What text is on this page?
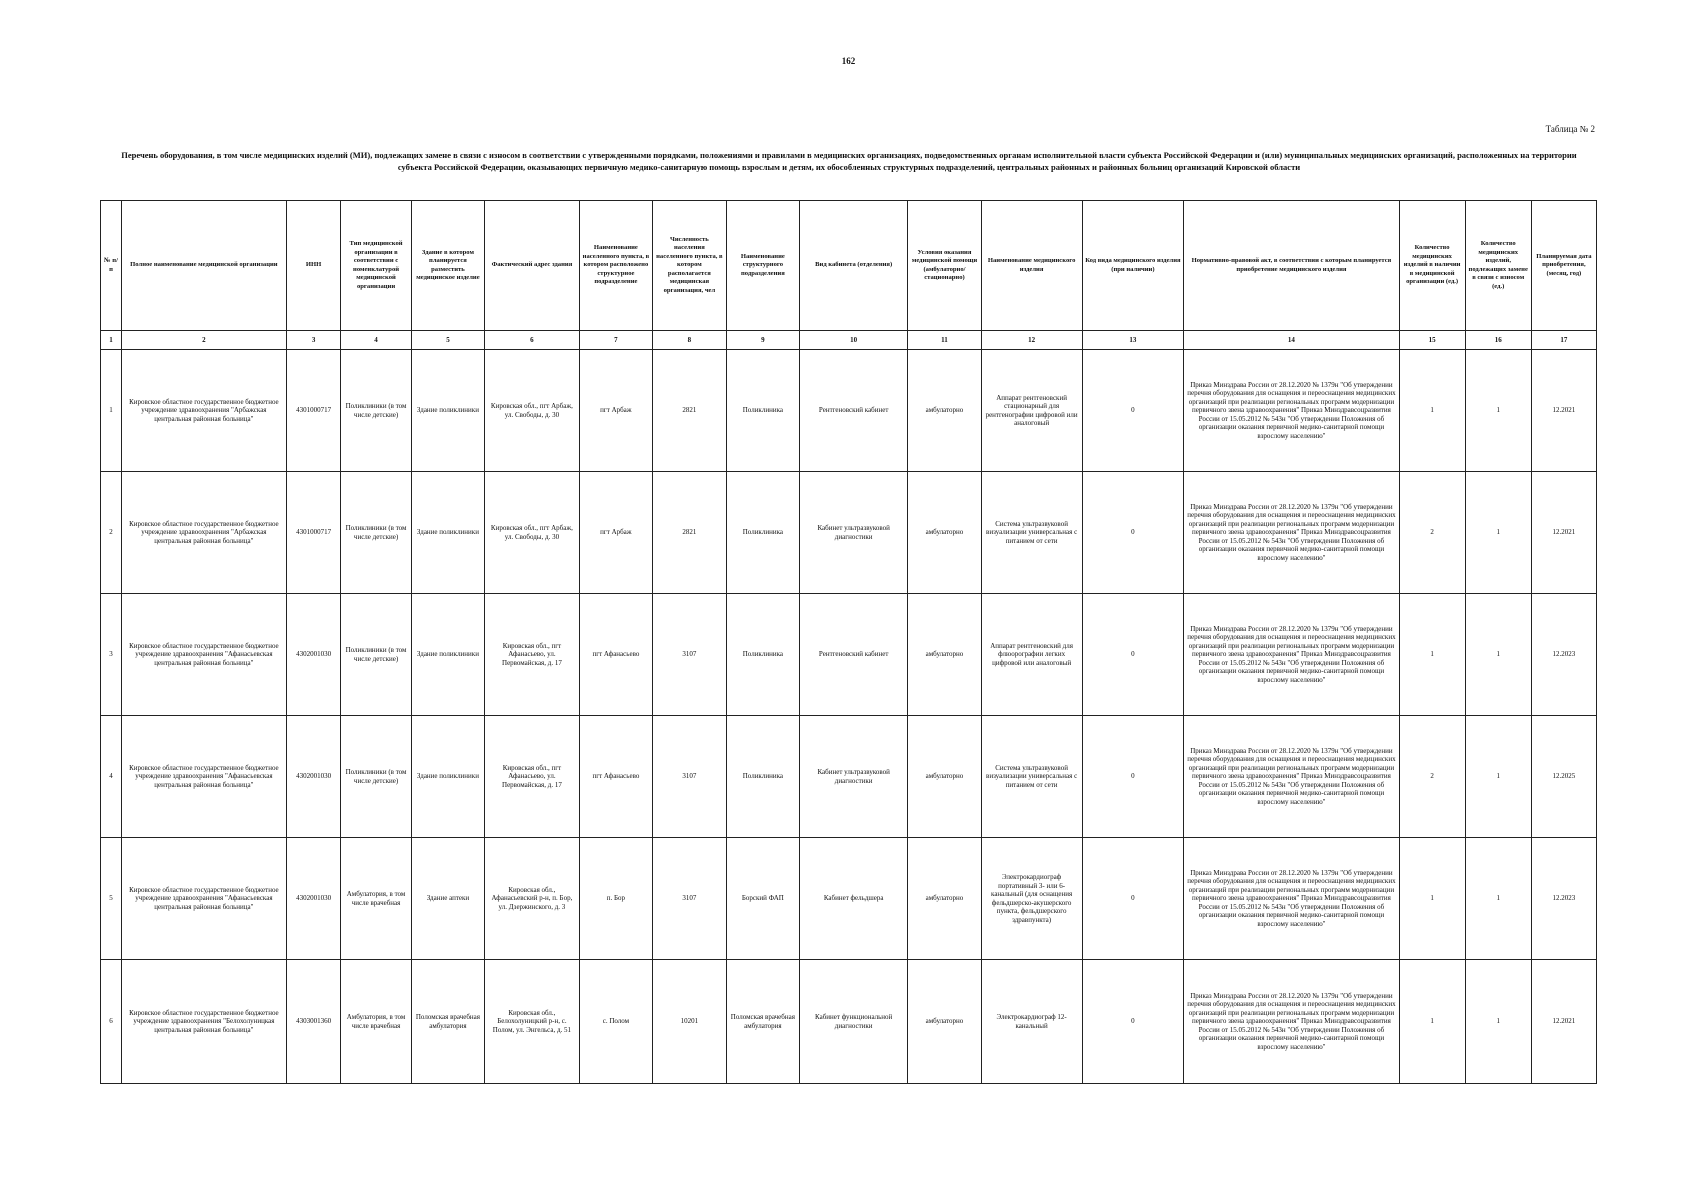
162
Таблица № 2
Перечень оборудования, в том числе медицинских изделий (МИ), подлежащих замене в связи с износом в соответствии с утвержденными порядками, положениями и правилами в медицинских организациях, подведомственных органам исполнительной власти субъекта Российской Федерации и (или) муниципальных медицинских организаций, расположенных на территории субъекта Российской Федерации, оказывающих первичную медико-санитарную помощь взрослым и детям, их обособленных структурных подразделений, центральных районных и районных больниц организаций Кировской области
№ п/п	Полное наименование медицинской организации	ИНН	Тип медицинской организации в соответствии с номенклатурой медицинской организации	Здание в котором планируется разместить медицинское изделие	Фактический адрес здания	Наименование населенного пункта, в котором расположено структурное подразделение	Численность населения населенного пункта, в котором располагается медицинская организация, чел	Наименование структурного подразделения	Вид кабинета (отделения)	Условия оказания медицинской помощи (амбулаторно/ стационарно)	Наименование медицинского изделия	Код вида медицинского изделия (при наличии)	Нормативно-правовой акт, в соответствии с которым планируется приобретение медицинского изделия	Количество медицинских изделий в наличии в медицинской организации (ед.)	Количество медицинских изделий, подлежащих замене в связи с износом (ед.)	Планируемая дата приобретения, (месяц, год)
1	2	3	4	5	6	7	8	9	10	11	12	13	14	15	16	17
1	Кировское областное государственное бюджетное учреждение здравоохранения "Арбажская центральная районная больница"	4301000717	Поликлиники (в том числе детские)	Здание поликлиники	Кировская обл., пгт Арбаж, ул. Свободы, д. 30	пгт Арбаж	2821	Поликлиника	Рентгеновский кабинет	амбулаторно	Аппарат рентгеновский стационарный для рентгенографии цифровой или аналоговый	0	Приказ Минздрава России от 28.12.2020 № 1379н "Об утверждении перечня оборудования для оснащения и переоснащения медицинских организаций при реализации региональных программ модернизации первичного звена здравоохранения" Приказ Минздравсоцразвития России от 15.05.2012 № 543н "Об утверждении Положения об организации оказания первичной медико-санитарной помощи взрослому населению"	1	1	12.2021
2	Кировское областное государственное бюджетное учреждение здравоохранения "Арбажская центральная районная больница"	4301000717	Поликлиники (в том числе детские)	Здание поликлиники	Кировская обл., пгт Арбаж, ул. Свободы, д. 30	пгт Арбаж	2821	Поликлиника	Кабинет ультразвуковой диагностики	амбулаторно	Система ультразвуковой визуализации универсальная с питанием от сети	0	Приказ Минздрава России от 28.12.2020 № 1379н "Об утверждении перечня оборудования для оснащения и переоснащения медицинских организаций при реализации региональных программ модернизации первичного звена здравоохранения" Приказ Минздравсоцразвития России от 15.05.2012 № 543н "Об утверждении Положения об организации оказания первичной медико-санитарной помощи взрослому населению"	2	1	12.2021
3	Кировское областное государственное бюджетное учреждение здравоохранения "Афанасьевская центральная районная больница"	4302001030	Поликлиники (в том числе детские)	Здание поликлиники	Кировская обл., пгт Афанасьево, ул. Первомайская, д. 17	пгт Афанасьево	3107	Поликлиника	Рентгеновский кабинет	амбулаторно	Аппарат рентгеновский для флюорографии легких цифровой или аналоговый	0	Приказ Минздрава России от 28.12.2020 № 1379н "Об утверждении перечня оборудования для оснащения и переоснащения медицинских организаций при реализации региональных программ модернизации первичного звена здравоохранения" Приказ Минздравсоцразвития России от 15.05.2012 № 543н "Об утверждении Положения об организации оказания первичной медико-санитарной помощи взрослому населению"	1	1	12.2023
4	Кировское областное государственное бюджетное учреждение здравоохранения "Афанасьевская центральная районная больница"	4302001030	Поликлиники (в том числе детские)	Здание поликлиники	Кировская обл., пгт Афанасьево, ул. Первомайская, д. 17	пгт Афанасьево	3107	Поликлиника	Кабинет ультразвуковой диагностики	амбулаторно	Система ультразвуковой визуализации универсальная с питанием от сети	0	Приказ Минздрава России от 28.12.2020 № 1379н "Об утверждении перечня оборудования для оснащения и переоснащения медицинских организаций при реализации региональных программ модернизации первичного звена здравоохранения" Приказ Минздравсоцразвития России от 15.05.2012 № 543н "Об утверждении Положения об организации оказания первичной медико-санитарной помощи взрослому населению"	2	1	12.2025
5	Кировское областное государственное бюджетное учреждение здравоохранения "Афанасьевская центральная районная больница"	4302001030	Амбулатория, в том числе врачебная	Здание аптеки	Кировская обл., Афанасьевский р-н, п. Бор, ул. Дзержинского, д. 3	п. Бор	3107	Борский ФАП	Кабинет фельдшера	амбулаторно	Электрокардиограф портативный 3- или 6-канальный (для оснащения фельдшерско-акушерского пункта, фельдшерского здравпункта)	0	Приказ Минздрава России от 28.12.2020 № 1379н "Об утверждении перечня оборудования для оснащения и переоснащения медицинских организаций при реализации региональных программ модернизации первичного звена здравоохранения" Приказ Минздравсоцразвития России от 15.05.2012 № 543н "Об утверждении Положения об организации оказания первичной медико-санитарной помощи взрослому населению"	1	1	12.2023
6	Кировское областное государственное бюджетное учреждение здравоохранения "Белохолуницкая центральная районная больница"	4303001360	Амбулатория, в том числе врачебная	Поломская врачебная амбулатория	Кировская обл., Белохолуницкий р-н, с. Полом, ул. Энгельса, д. 51	с. Полом	10201	Поломская врачебная амбулатория	Кабинет функциональной диагностики	амбулаторно	Электрокардиограф 12-канальный	0	Приказ Минздрава России от 28.12.2020 № 1379н "Об утверждении перечня оборудования для оснащения и переоснащения медицинских организаций при реализации региональных программ модернизации первичного звена здравоохранения" Приказ Минздравсоцразвития России от 15.05.2012 № 543н "Об утверждении Положения об организации оказания первичной медико-санитарной помощи взрослому населению"	1	1	12.2021
